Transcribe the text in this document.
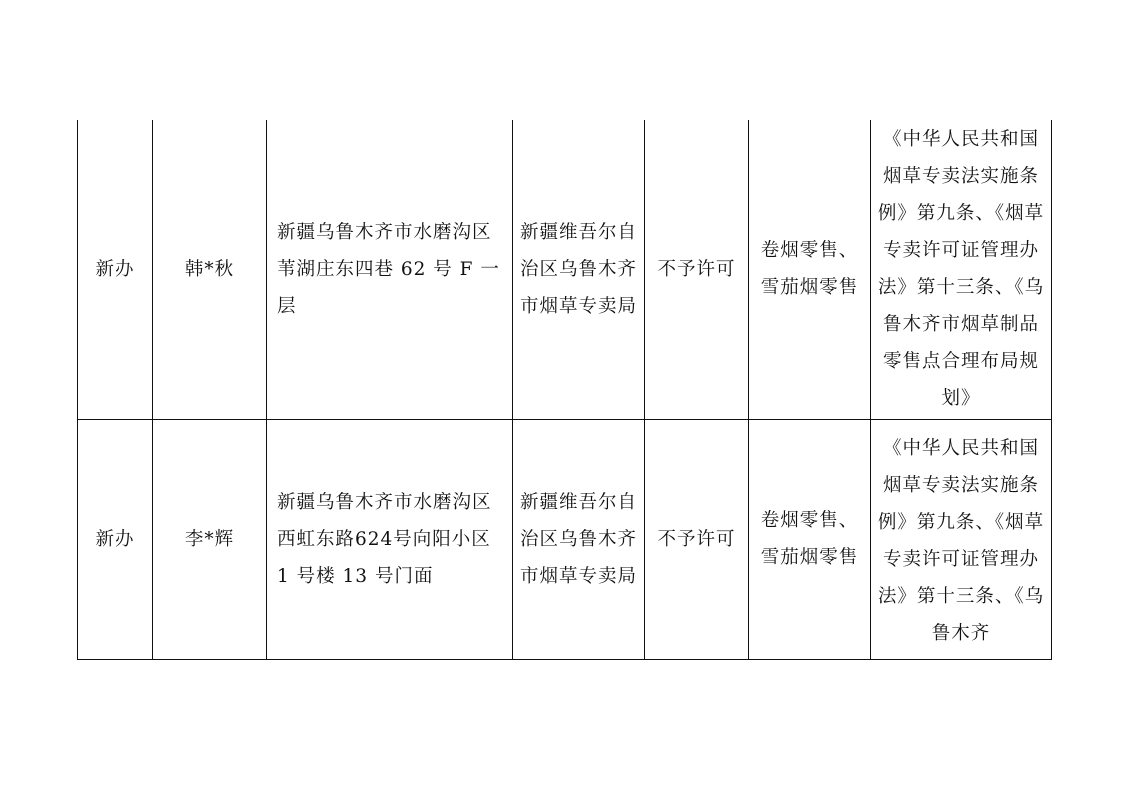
新办	韩*秋	新疆乌鲁木齐市水磨沟区苇湖庄东四巷 62 号 F 一层	新疆维吾尔自治区乌鲁木齐市烟草专卖局	不予许可	卷烟零售、雪茄烟零售	《中华人民共和国烟草专卖法实施条例》第九条、《烟草专卖许可证管理办法》第十三条、《乌鲁木齐市烟草制品零售点合理布局规划》

新办	李*辉	新疆乌鲁木齐市水磨沟区西虹东路624号向阳小区 1 号楼 13 号门面	新疆维吾尔自治区乌鲁木齐市烟草专卖局	不予许可	卷烟零售、雪茄烟零售	《中华人民共和国烟草专卖法实施条例》第九条、《烟草专卖许可证管理办法》第十三条、《乌鲁木齐
